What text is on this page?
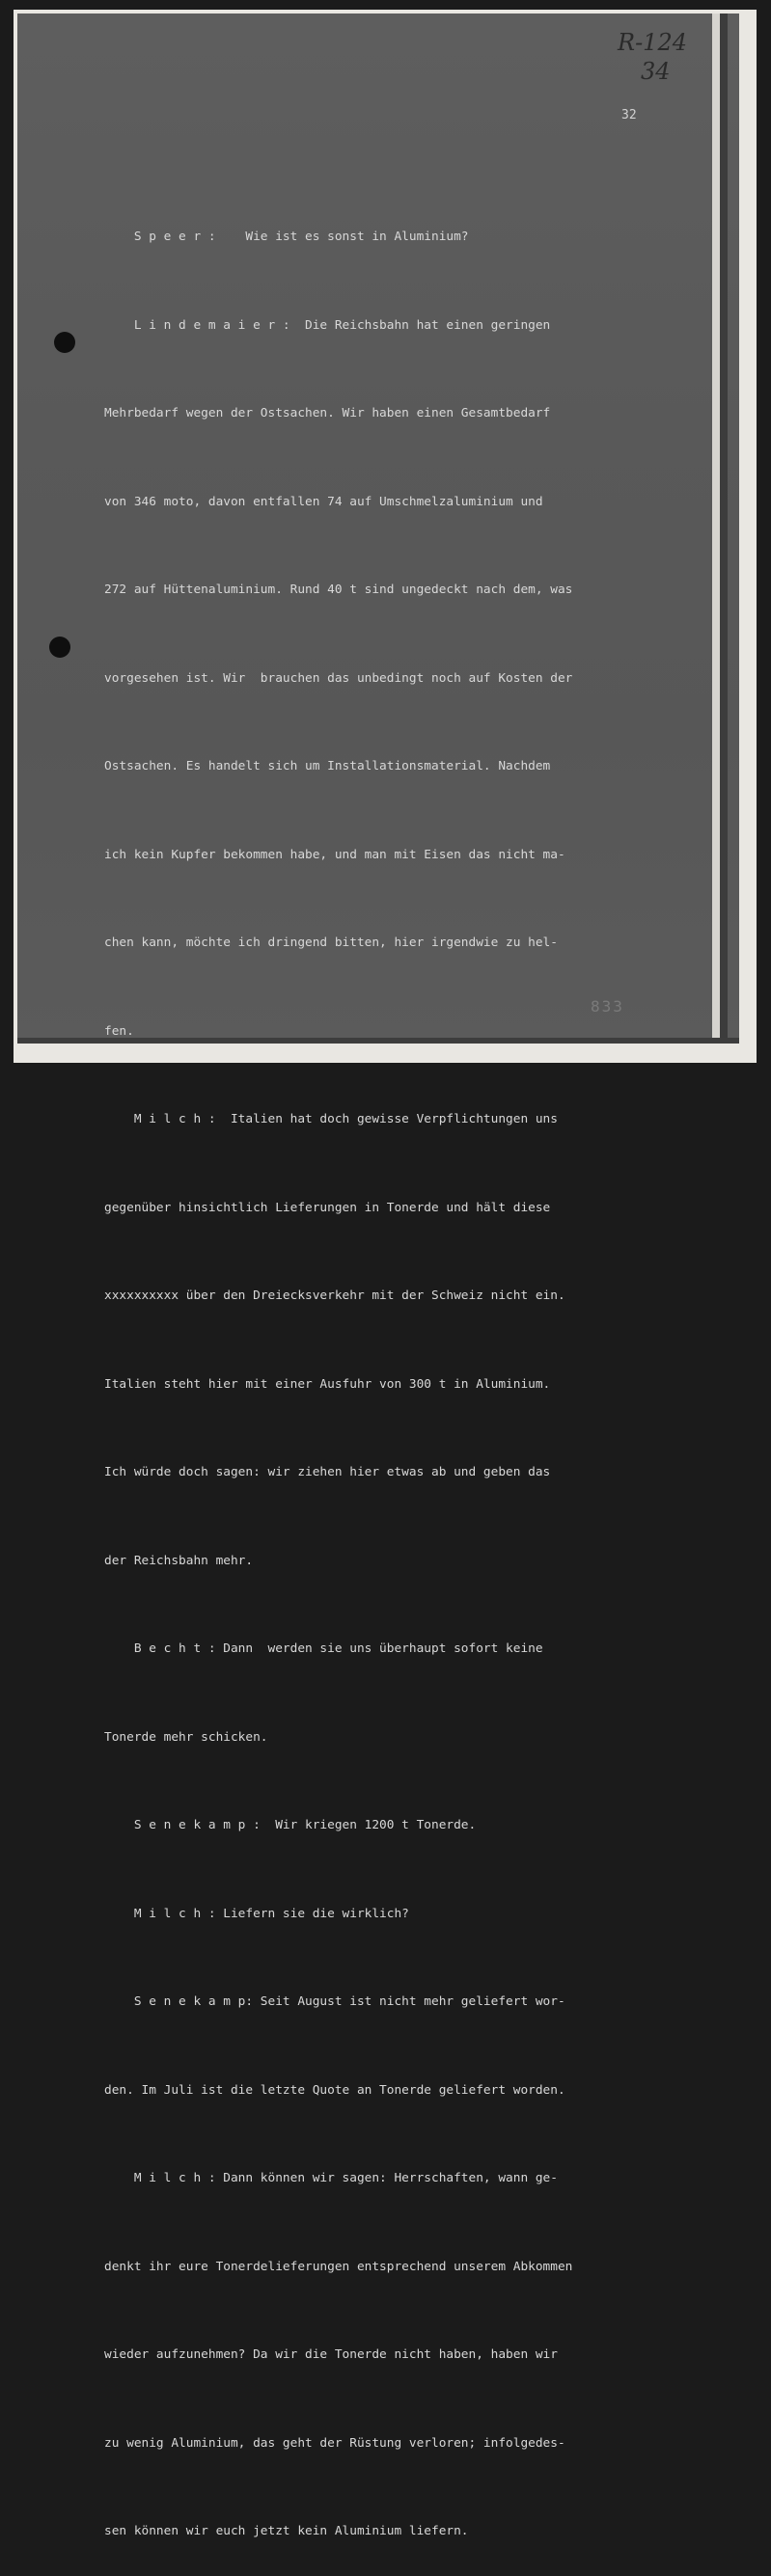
R-124
34
32

S p e e r :    Wie ist es sonst in Aluminium?

L i n d e m a i e r :  Die Reichsbahn hat einen geringen

Mehrbedarf wegen der Ostsachen. Wir haben einen Gesamtbedarf

von 346 moto, davon entfallen 74 auf Umschmelzaluminium und

272 auf Hüttenaluminium. Rund 40 t sind ungedeckt nach dem, was

vorgesehen ist. Wir  brauchen das unbedingt noch auf Kosten der

Ostsachen. Es handelt sich um Installationsmaterial. Nachdem

ich kein Kupfer bekommen habe, und man mit Eisen das nicht ma-

chen kann, möchte ich dringend bitten, hier irgendwie zu hel-

fen.

M i l c h :  Italien hat doch gewisse Verpflichtungen uns

gegenüber hinsichtlich Lieferungen in Tonerde und hält diese

xxxxxxxxxx über den Dreiecksverkehr mit der Schweiz nicht ein.

Italien steht hier mit einer Ausfuhr von 300 t in Aluminium.

Ich würde doch sagen: wir ziehen hier etwas ab und geben das

der Reichsbahn mehr.

B e c h t : Dann  werden sie uns überhaupt sofort keine

Tonerde mehr schicken.

S e n e k a m p :  Wir kriegen 1200 t Tonerde.

M i l c h : Liefern sie die wirklich?

S e n e k a m p: Seit August ist nicht mehr geliefert wor-

den. Im Juli ist die letzte Quote an Tonerde geliefert worden.

M i l c h : Dann können wir sagen: Herrschaften, wann ge-

denkt ihr eure Tonerdelieferungen entsprechend unserem Abkommen

wieder aufzunehmen? Da wir die Tonerde nicht haben, haben wir

zu wenig Aluminium, das geht der Rüstung verloren; infolgedes-

sen können wir euch jetzt kein Aluminium liefern.

833
